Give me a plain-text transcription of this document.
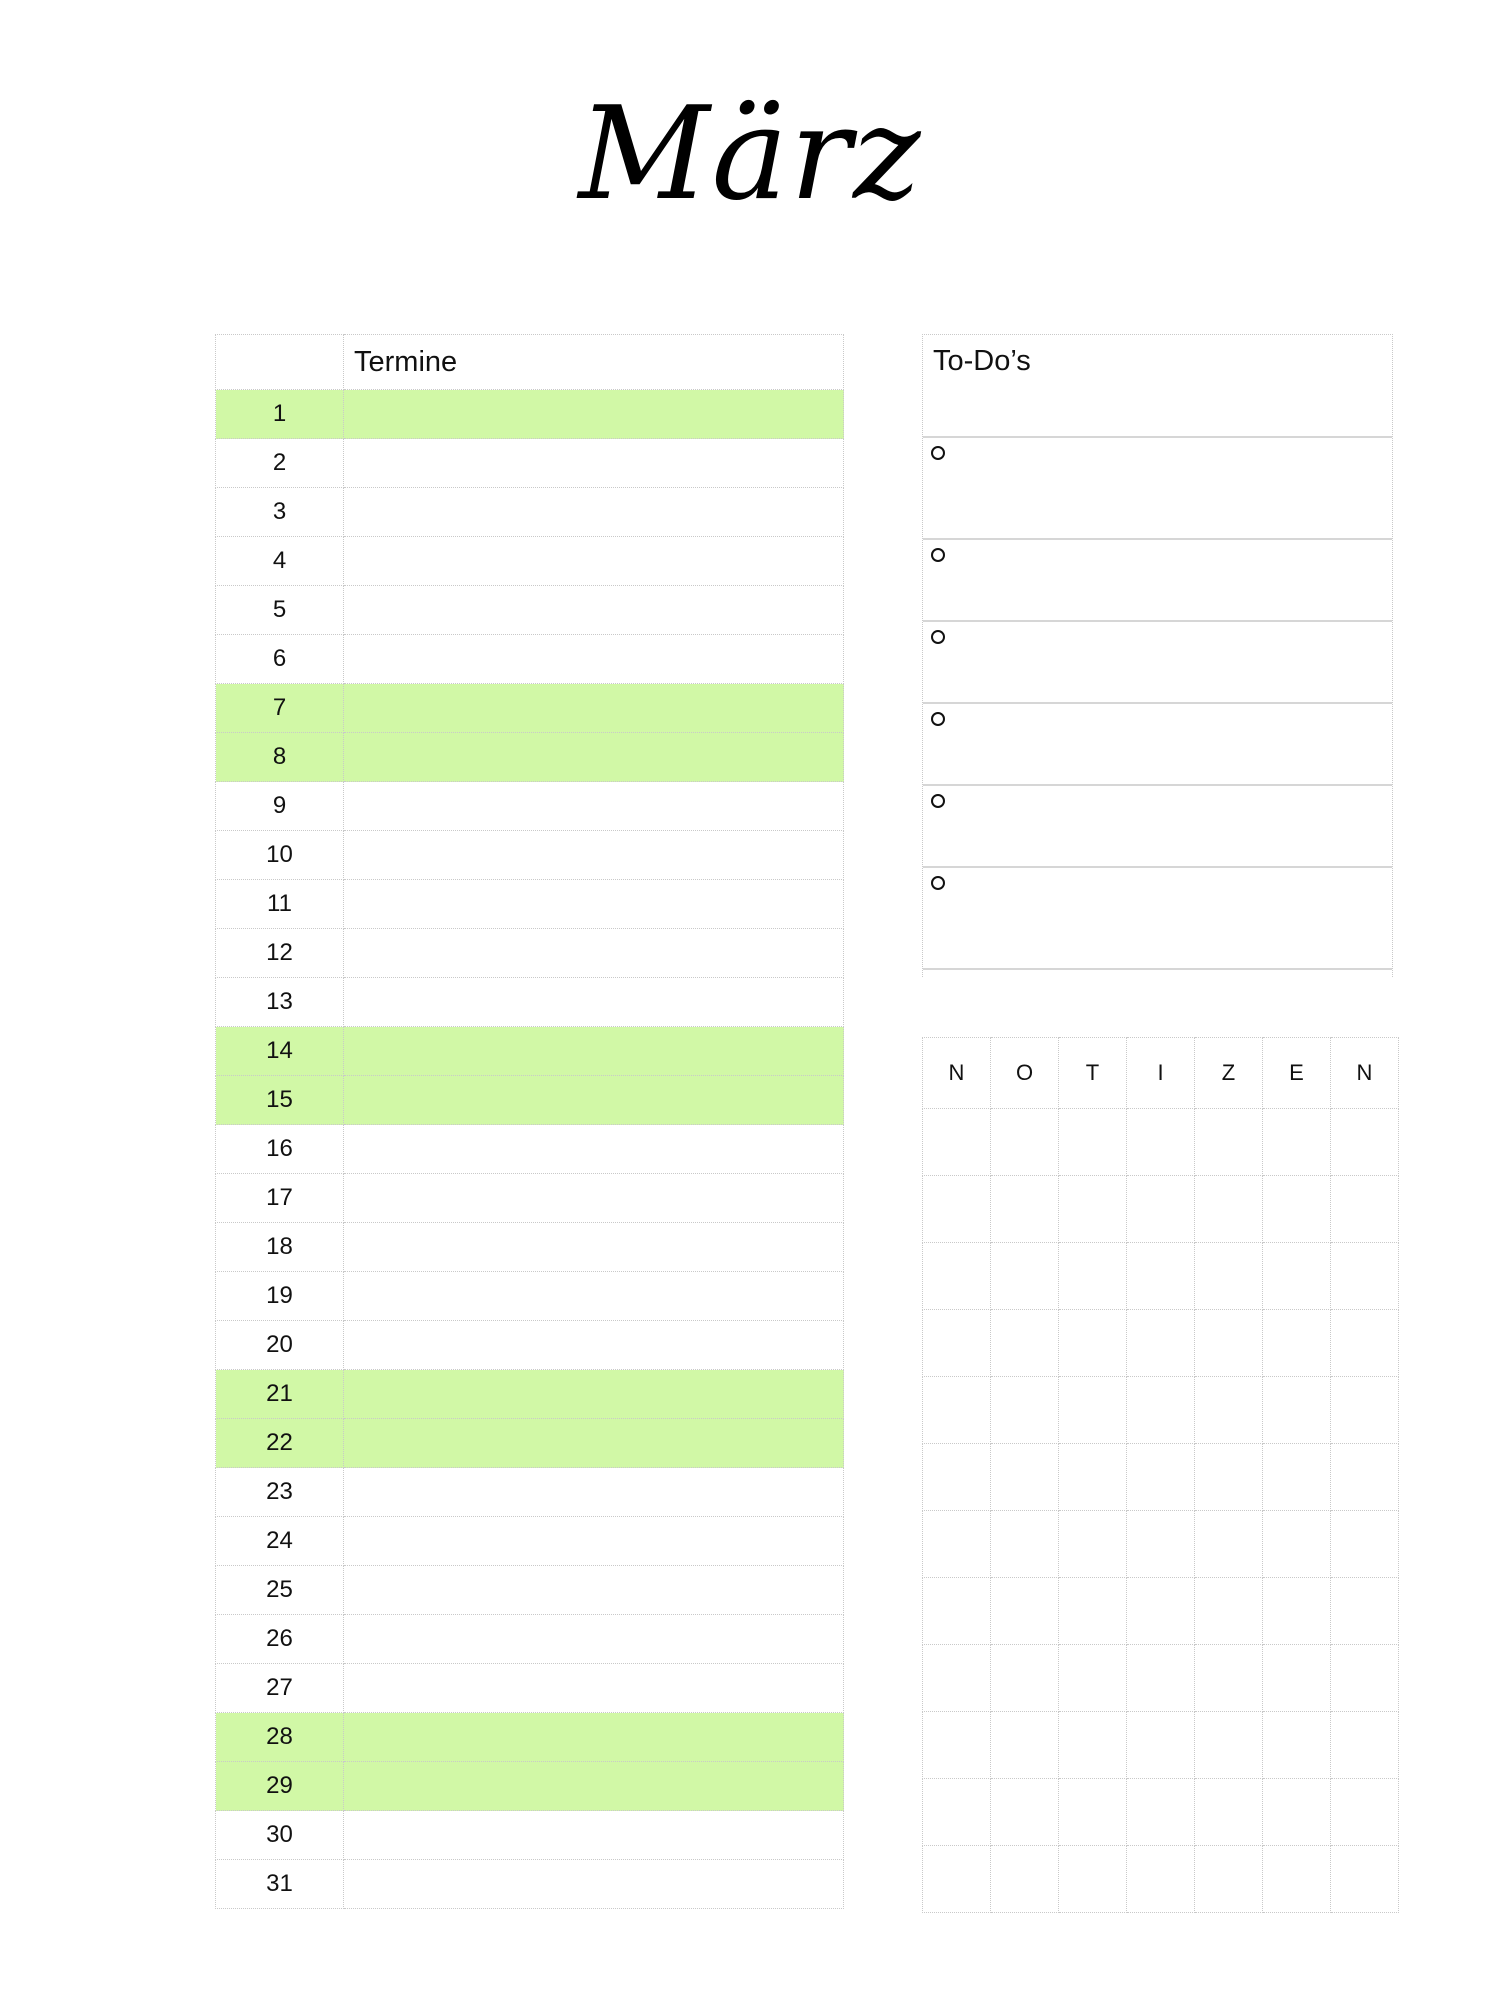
März
	Termine
1	
2	
3	
4	
5	
6	
7	
8	
9	
10	
11	
12	
13	
14	
15	
16	
17	
18	
19	
20	
21	
22	
23	
24	
25	
26	
27	
28	
29	
30	
31	
To-Do’s
N	O	T	I	Z	E	N
